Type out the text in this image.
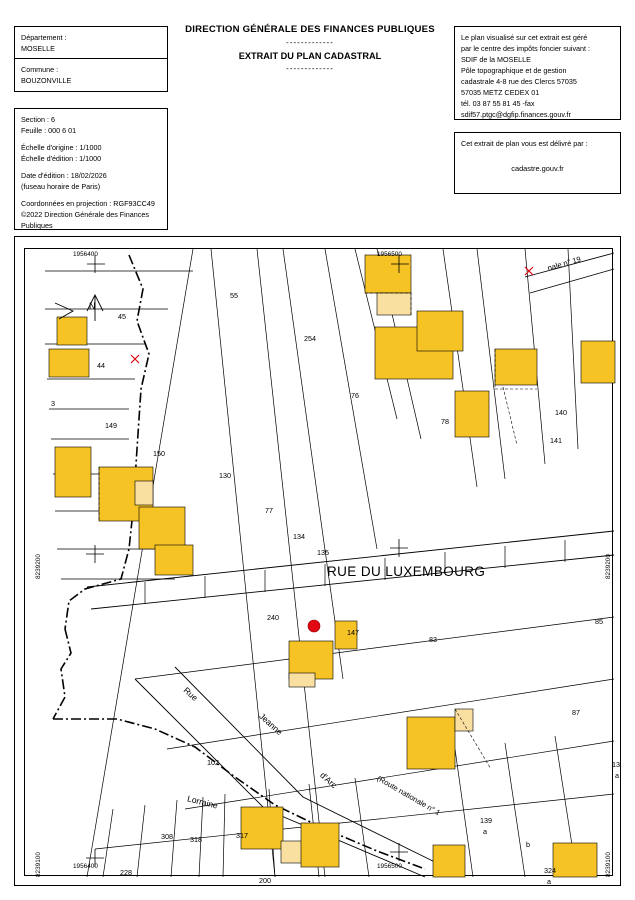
Département :
MOSELLE
Commune :
BOUZONVILLE
Section : 6
Feuille : 000 6 01
Échelle d'origine : 1/1000
Échelle d'édition : 1/1000
Date d'édition : 18/02/2026
(fuseau horaire de Paris)
Coordonnées en projection : RGF93CC49
©2022 Direction Générale des Finances
Publiques
DIRECTION GÉNÉRALE DES FINANCES PUBLIQUES
-------------
EXTRAIT DU PLAN CADASTRAL
-------------
Le plan visualisé sur cet extrait est géré
par le centre des impôts foncier suivant :
SDIF de la MOSELLE
Pôle topographique et de gestion
cadastrale 4-8 rue des Clercs 57035
57035 METZ CEDEX 01
tél. 03 87 55 81 45 -fax
sdif57.ptgc@dgfip.finances.gouv.fr
Cet extrait de plan vous est délivré par :
cadastre.gouv.fr
1956400	1956500
1956400	1956500
8239200
8239100
8239200
8239100
N
RUE DU LUXEMBOURG
Rue
Jeanne
d'Arc
Lorraine	(Route nationale n° 1
nale n° 19
55
45
44
254
3
149
76
78
140
141
150
130
77
134
135
240
147
83
85
87
102
317
318
308
228
139
a
b
13
a
324
a
200
